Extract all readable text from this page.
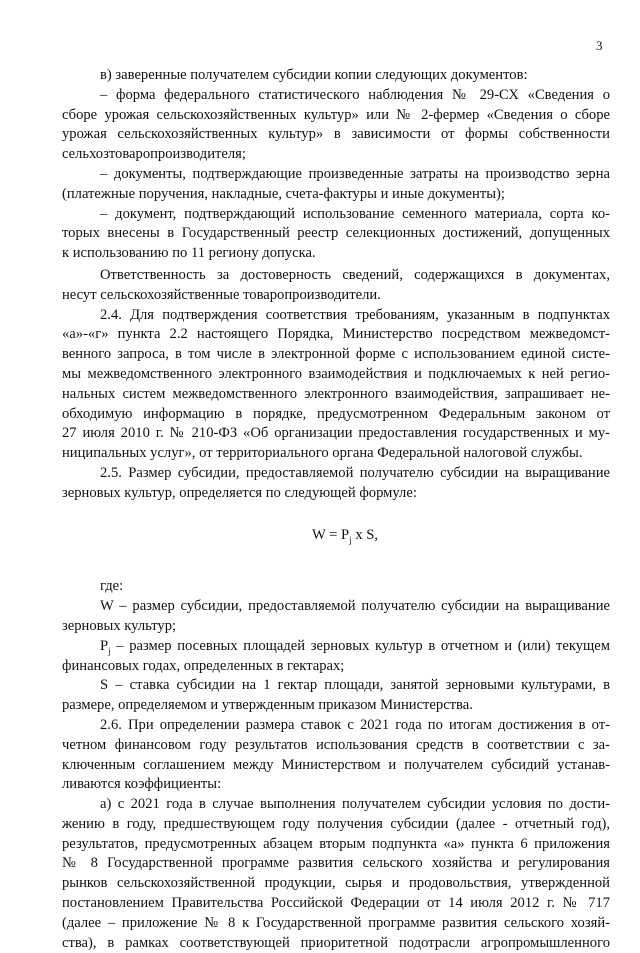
3
в) заверенные получателем субсидии копии следующих документов:
– форма федерального статистического наблюдения № 29-СХ «Сведения о
сборе урожая сельскохозяйственных культур» или № 2-фермер «Сведения о сборе
урожая сельскохозяйственных культур» в зависимости от формы собственности
сельхозтоваропроизводителя;
– документы, подтверждающие произведенные затраты на производство зерна
(платежные поручения, накладные, счета-фактуры и иные документы);
– документ, подтверждающий использование семенного материала, сорта ко-
торых внесены в Государственный реестр селекционных достижений, допущенных
к использованию по 11 региону допуска.
Ответственность за достоверность сведений, содержащихся в документах,
несут сельскохозяйственные товаропроизводители.
2.4. Для подтверждения соответствия требованиям, указанным в подпунктах
«а»-«г» пункта 2.2 настоящего Порядка, Министерство посредством межведомст-
венного запроса, в том числе в электронной форме с использованием единой систе-
мы межведомственного электронного взаимодействия и подключаемых к ней регио-
нальных систем межведомственного электронного взаимодействия, запрашивает не-
обходимую информацию в порядке, предусмотренном Федеральным законом от
27 июля 2010 г. № 210-ФЗ «Об организации предоставления государственных и му-
ниципальных услуг», от территориального органа Федеральной налоговой службы.
2.5. Размер субсидии, предоставляемой получателю субсидии на выращивание
зерновых культур, определяется по следующей формуле:
$W = P_j$ x S,
где:
W – размер субсидии, предоставляемой получателю субсидии на выращивание
зерновых культур;
$P_j$ – размер посевных площадей зерновых культур в отчетном и (или) текущем
финансовых годах, определенных в гектарах;
S – ставка субсидии на 1 гектар площади, занятой зерновыми культурами, в
размере, определяемом и утвержденным приказом Министерства.
2.6. При определении размера ставок с 2021 года по итогам достижения в от-
четном финансовом году результатов использования средств в соответствии с за-
ключенным соглашением между Министерством и получателем субсидий устанав-
ливаются коэффициенты:
а) с 2021 года в случае выполнения получателем субсидии условия по дости-
жению в году, предшествующем году получения субсидии (далее - отчетный год),
результатов, предусмотренных абзацем вторым подпункта «а» пункта 6 приложения
№ 8 Государственной программе развития сельского хозяйства и регулирования
рынков сельскохозяйственной продукции, сырья и продовольствия, утвержденной
постановлением Правительства Российской Федерации от 14 июля 2012 г. № 717
(далее – приложение № 8 к Государственной программе развития сельского хозяй-
ства), в рамках соответствующей приоритетной подотрасли агропромышленного
